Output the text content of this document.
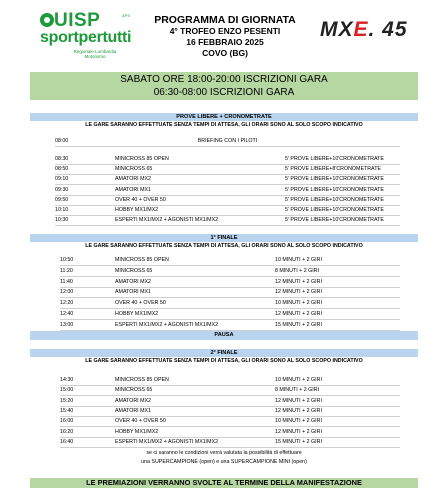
UISP	APS
sportpertutti
Regionale Lombardia
Motorismo
PROGRAMMA DI GIORNATA
4° TROFEO ENZO PESENTI
16 FEBBRAIO 2025
COVO (BG)
MXE. 45
SABATO ORE 18:00-20:00 ISCRIZIONI GARA
06:30-08:00 ISCRIZIONI GARA
PROVE LIBERE + CRONOMETRATE
LE GARE SARANNO EFFETTUATE SENZA TEMPI DI ATTESA, GLI ORARI SONO AL SOLO SCOPO INDICATIVO
08:00	BRIEFING CON I PILOTI
08:30	MINICROSS 85 OPEN	5' PROVE LIBERE+10'CRONOMETRATE
08:50	MINICROSS 65	5' PROVE LIBERE+8'CRONOMETRATE
09:10	AMATORI MX2	5' PROVE LIBERE+10'CRONOMETRATE
09:30	AMATORI MX1	5' PROVE LIBERE+10'CRONOMETRATE
09:50	OVER 40 + OVER 50	5' PROVE LIBERE+10'CRONOMETRATE
10:10	HOBBY MX1/MX2	5' PROVE LIBERE+10'CRONOMETRATE
10:30	ESPERTI MX1/MX2 + AGONISTI MX1/MX2	5' PROVE LIBERE+10'CRONOMETRATE
1° FINALE
LE GARE SARANNO EFFETTUATE SENZA TEMPI DI ATTESA, GLI ORARI SONO AL SOLO SCOPO INDICATIVO
10:50	MINICROSS 85 OPEN	10 MINUTI + 2 GIRI
11:20	MINICROSS 65	8 MINUTI + 2 GIRI
11:40	AMATORI MX2	12 MINUTI + 2 GIRI
12:00	AMATORI MX1	12 MINUTI + 2 GIRI
12:20	OVER 40 + OVER 50	10 MINUTI + 2 GIRI
12:40	HOBBY MX1/MX2	12 MINUTI + 2 GIRI
13:00	ESPERTI MX1/MX2 + AGONISTI MX1/MX2	15 MINUTI + 2 GIRI
PAUSA
2° FINALE
LE GARE SARANNO EFFETTUATE SENZA TEMPI DI ATTESA, GLI ORARI SONO AL SOLO SCOPO INDICATIVO
14:30	MINICROSS 85 OPEN	10 MINUTI + 2 GIRI
15:00	MINICROSS 65	8 MINUTI + 2 GIRI
15:20	AMATORI MX2	12 MINUTI + 2 GIRI
15:40	AMATORI MX1	12 MINUTI + 2 GIRI
16:00	OVER 40 + OVER 50	10 MINUTI + 2 GIRI
16:20	HOBBY MX1/MX2	12 MINUTI + 2 GIRI
16:40	ESPERTI MX1/MX2 + AGONISTI MX1/MX2	15 MINUTI + 2 GIRI
se ci saranno le condizioni verrà valutata la possibilità di effettuare
una SUPERCAMPIONE (open) e una SUPERCAMPIONE MINI (open)
LE PREMIAZIONI VERRANNO SVOLTE AL TERMINE DELLA MANIFESTAZIONE
